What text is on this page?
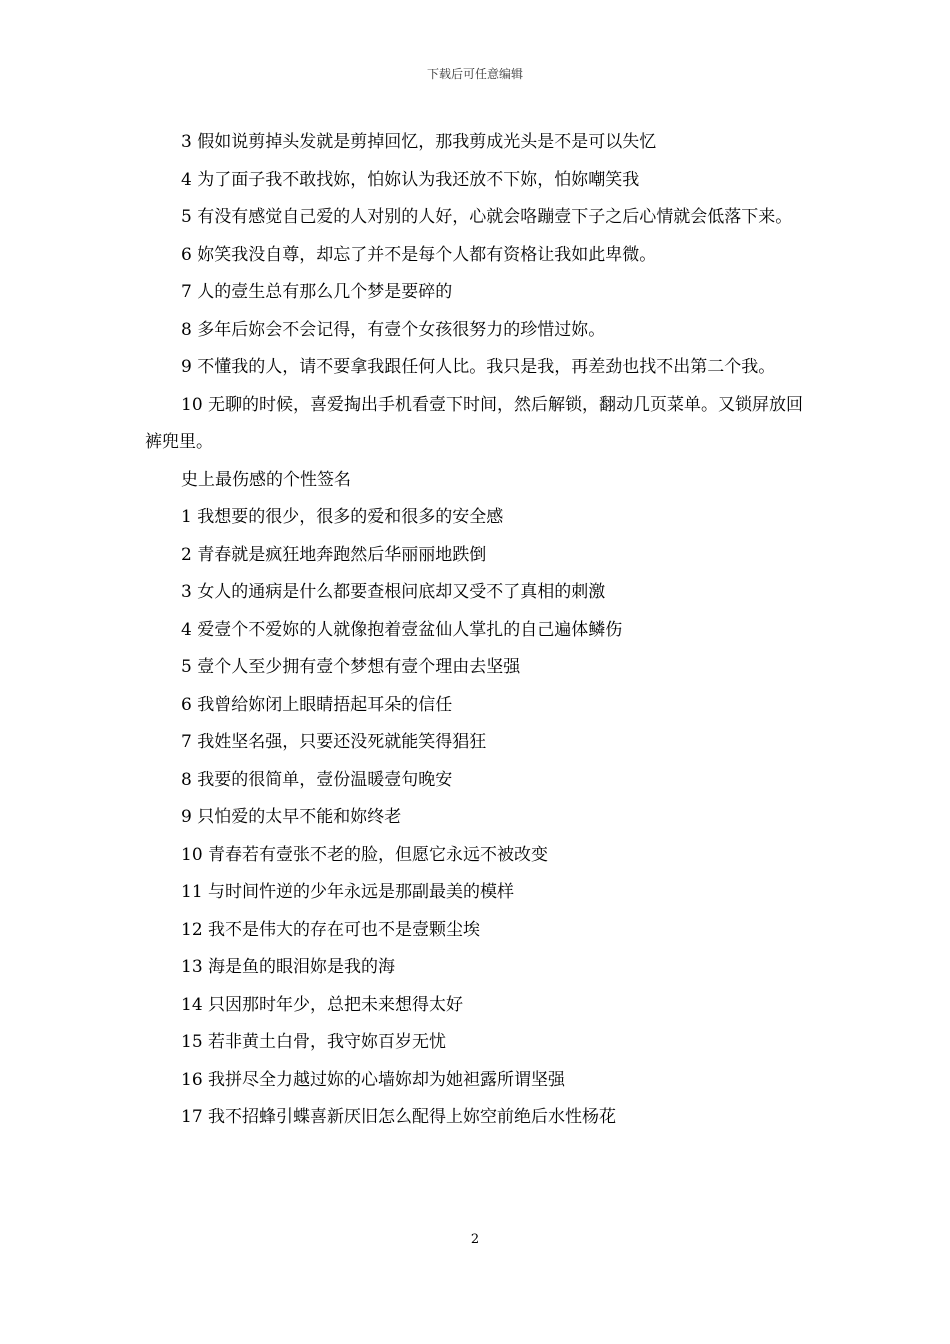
下载后可任意编辑

3 假如说剪掉头发就是剪掉回忆，那我剪成光头是不是可以失忆

4 为了面子我不敢找妳，怕妳认为我还放不下妳，怕妳嘲笑我

5 有没有感觉自己爱的人对别的人好，心就会咯蹦壹下子之后心情就会低落下来。

6 妳笑我没自尊，却忘了并不是每个人都有资格让我如此卑微。

7 人的壹生总有那么几个梦是要碎的

8 多年后妳会不会记得，有壹个女孩很努力的珍惜过妳。

9 不懂我的人，请不要拿我跟任何人比。我只是我，再差劲也找不出第二个我。

10 无聊的时候，喜爱掏出手机看壹下时间，然后解锁，翻动几页菜单。又锁屏放回裤兜里。

史上最伤感的个性签名

1 我想要的很少，很多的爱和很多的安全感

2 青春就是疯狂地奔跑然后华丽丽地跌倒

3 女人的通病是什么都要查根问底却又受不了真相的刺激

4 爱壹个不爱妳的人就像抱着壹盆仙人掌扎的自己遍体鳞伤

5 壹个人至少拥有壹个梦想有壹个理由去坚强

6 我曾给妳闭上眼睛捂起耳朵的信任

7 我姓坚名强，只要还没死就能笑得猖狂

8 我要的很简单，壹份温暖壹句晚安

9 只怕爱的太早不能和妳终老

10 青春若有壹张不老的脸，但愿它永远不被改变

11 与时间忤逆的少年永远是那副最美的模样

12 我不是伟大的存在可也不是壹颗尘埃

13 海是鱼的眼泪妳是我的海

14 只因那时年少，总把未来想得太好

15 若非黄土白骨，我守妳百岁无忧

16 我拼尽全力越过妳的心墙妳却为她袒露所谓坚强

17 我不招蜂引蝶喜新厌旧怎么配得上妳空前绝后水性杨花

2
